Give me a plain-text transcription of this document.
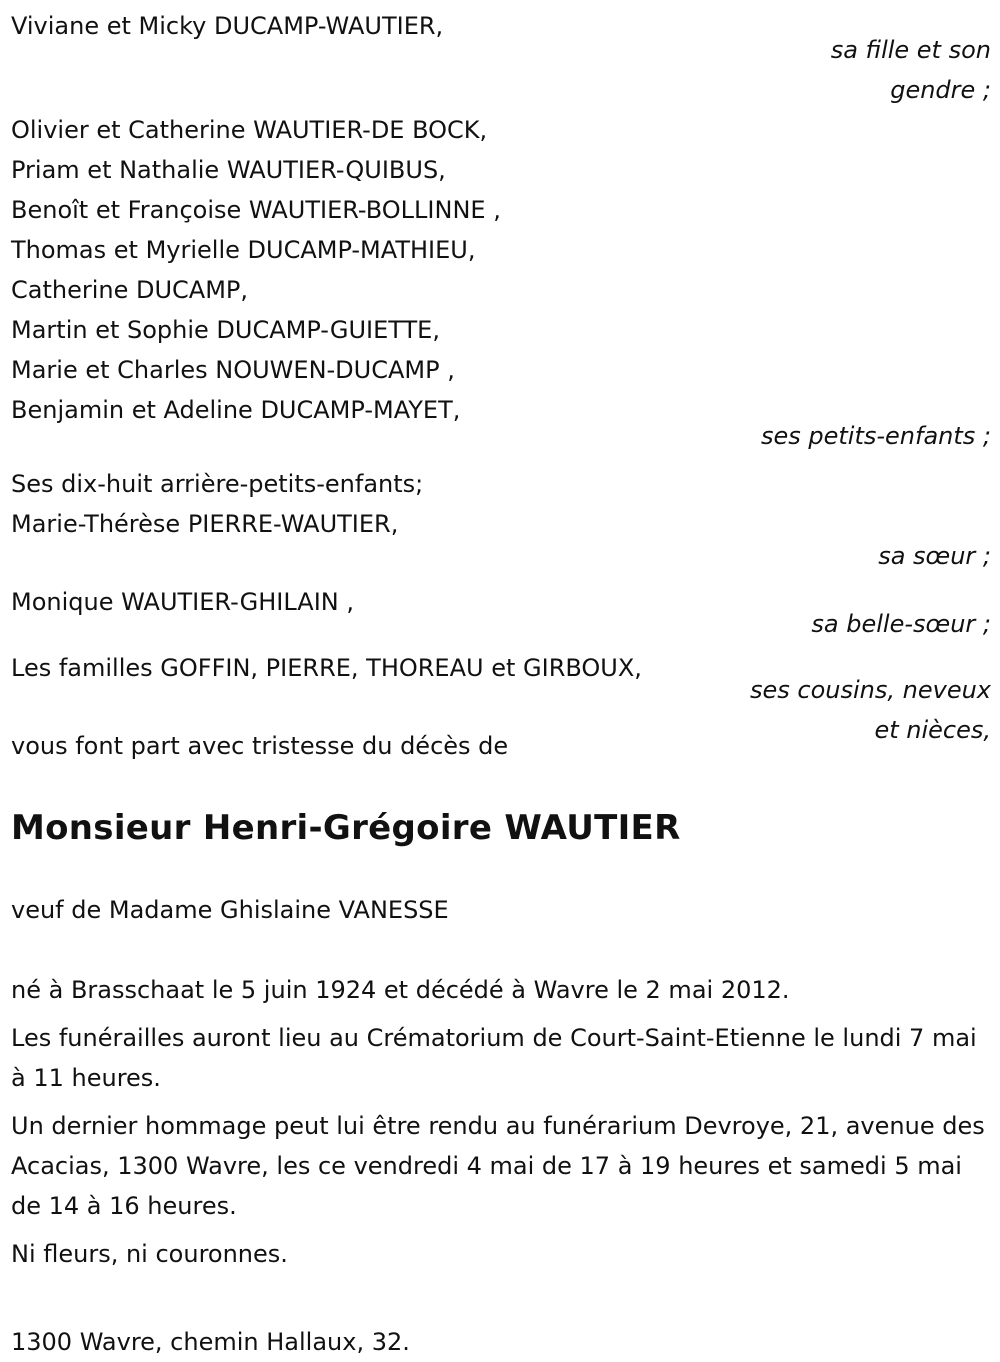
Viviane et Micky DUCAMP-WAUTIER,
sa fille et son
gendre ;
Olivier et Catherine WAUTIER-DE BOCK,
Priam et Nathalie WAUTIER-QUIBUS,
Benoît et Françoise WAUTIER-BOLLINNE ,
Thomas et Myrielle DUCAMP-MATHIEU,
Catherine DUCAMP,
Martin et Sophie DUCAMP-GUIETTE,
Marie et Charles NOUWEN-DUCAMP ,
Benjamin et Adeline DUCAMP-MAYET,
ses petits-enfants ;
Ses dix-huit arrière-petits-enfants;
Marie-Thérèse PIERRE-WAUTIER,
sa sœur ;
Monique WAUTIER-GHILAIN ,
sa belle-sœur ;
Les familles GOFFIN, PIERRE, THOREAU et GIRBOUX,
ses cousins, neveux
et nièces,
vous font part avec tristesse du décès de
Monsieur Henri-Grégoire WAUTIER
veuf de Madame Ghislaine VANESSE
né à Brasschaat le 5 juin 1924 et décédé à Wavre le 2 mai 2012.
Les funérailles auront lieu au Crématorium de Court-Saint-Etienne le lundi 7 mai à 11 heures.
Un dernier hommage peut lui être rendu au funérarium Devroye, 21, avenue des Acacias, 1300 Wavre, les ce vendredi 4 mai de 17 à 19 heures et samedi 5 mai de 14 à 16 heures.
Ni fleurs, ni couronnes.
1300 Wavre, chemin Hallaux, 32.
